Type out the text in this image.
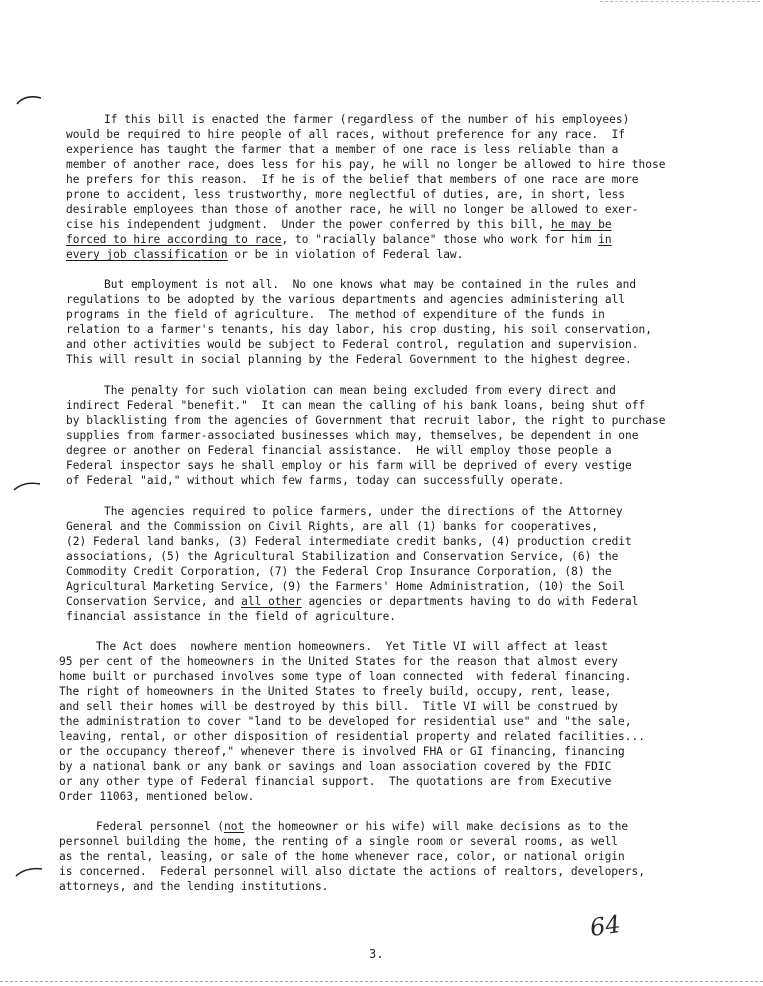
If this bill is enacted the farmer (regardless of the number of his employees)

would be required to hire people of all races, without preference for any race.  If

experience has taught the farmer that a member of one race is less reliable than a

member of another race, does less for his pay, he will no longer be allowed to hire those

he prefers for this reason.  If he is of the belief that members of one race are more

prone to accident, less trustworthy, more neglectful of duties, are, in short, less

desirable employees than those of another race, he will no longer be allowed to exer-

cise his independent judgment.  Under the power conferred by this bill, he may be

forced to hire according to race, to "racially balance" those who work for him in

every job classification or be in violation of Federal law.

But employment is not all.  No one knows what may be contained in the rules and

regulations to be adopted by the various departments and agencies administering all

programs in the field of agriculture.  The method of expenditure of the funds in

relation to a farmer's tenants, his day labor, his crop dusting, his soil conservation,

and other activities would be subject to Federal control, regulation and supervision.

This will result in social planning by the Federal Government to the highest degree.

The penalty for such violation can mean being excluded from every direct and

indirect Federal "benefit."  It can mean the calling of his bank loans, being shut off

by blacklisting from the agencies of Government that recruit labor, the right to purchase

supplies from farmer-associated businesses which may, themselves, be dependent in one

degree or another on Federal financial assistance.  He will employ those people a

Federal inspector says he shall employ or his farm will be deprived of every vestige

of Federal "aid," without which few farms, today can successfully operate.

The agencies required to police farmers, under the directions of the Attorney

General and the Commission on Civil Rights, are all (1) banks for cooperatives,

(2) Federal land banks, (3) Federal intermediate credit banks, (4) production credit

associations, (5) the Agricultural Stabilization and Conservation Service, (6) the

Commodity Credit Corporation, (7) the Federal Crop Insurance Corporation, (8) the

Agricultural Marketing Service, (9) the Farmers' Home Administration, (10) the Soil

Conservation Service, and all other agencies or departments having to do with Federal

financial assistance in the field of agriculture.

The Act does  nowhere mention homeowners.  Yet Title VI will affect at least

95 per cent of the homeowners in the United States for the reason that almost every

home built or purchased involves some type of loan connected  with federal financing.

The right of homeowners in the United States to freely build, occupy, rent, lease,

and sell their homes will be destroyed by this bill.  Title VI will be construed by

the administration to cover "land to be developed for residential use" and "the sale,

leaving, rental, or other disposition of residential property and related facilities...

or the occupancy thereof," whenever there is involved FHA or GI financing, financing

by a national bank or any bank or savings and loan association covered by the FDIC

or any other type of Federal financial support.  The quotations are from Executive

Order 11063, mentioned below.

Federal personnel (not the homeowner or his wife) will make decisions as to the

personnel building the home, the renting of a single room or several rooms, as well

as the rental, leasing, or sale of the home whenever race, color, or national origin

is concerned.  Federal personnel will also dictate the actions of realtors, developers,

attorneys, and the lending institutions.

64
3.
